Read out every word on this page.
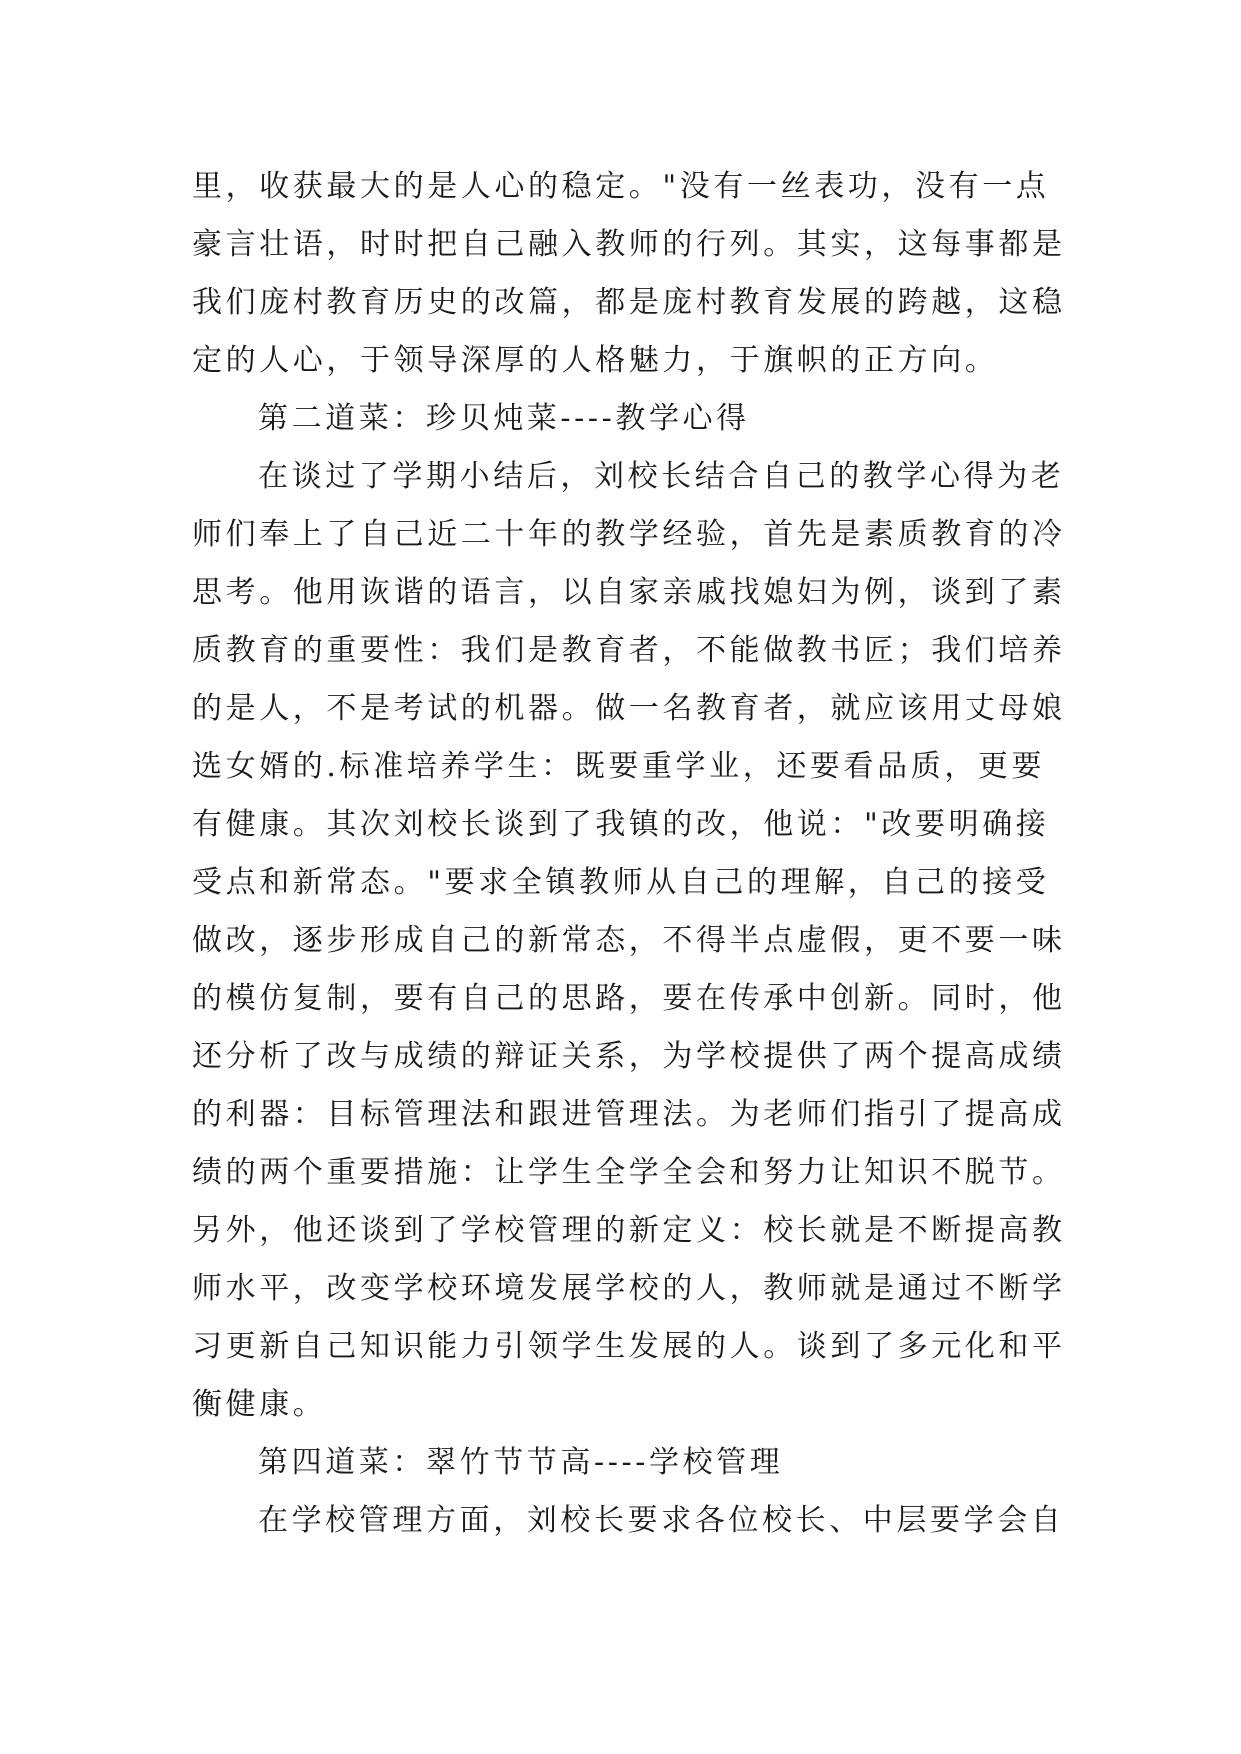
里，收获最大的是人心的稳定。"没有一丝表功，没有一点
豪言壮语，时时把自己融入教师的行列。其实，这每事都是
我们庞村教育历史的改篇，都是庞村教育发展的跨越，这稳
定的人心，于领导深厚的人格魅力，于旗帜的正方向。
第二道菜：珍贝炖菜----教学心得
在谈过了学期小结后，刘校长结合自己的教学心得为老
师们奉上了自己近二十年的教学经验，首先是素质教育的冷
思考。他用诙谐的语言，以自家亲戚找媳妇为例，谈到了素
质教育的重要性：我们是教育者，不能做教书匠；我们培养
的是人，不是考试的机器。做一名教育者，就应该用丈母娘
选女婿的.标准培养学生：既要重学业，还要看品质，更要
有健康。其次刘校长谈到了我镇的改，他说："改要明确接
受点和新常态。"要求全镇教师从自己的理解，自己的接受
做改，逐步形成自己的新常态，不得半点虚假，更不要一味
的模仿复制，要有自己的思路，要在传承中创新。同时，他
还分析了改与成绩的辩证关系，为学校提供了两个提高成绩
的利器：目标管理法和跟进管理法。为老师们指引了提高成
绩的两个重要措施：让学生全学全会和努力让知识不脱节。
另外，他还谈到了学校管理的新定义：校长就是不断提高教
师水平，改变学校环境发展学校的人，教师就是通过不断学
习更新自己知识能力引领学生发展的人。谈到了多元化和平
衡健康。
第四道菜：翠竹节节高----学校管理
在学校管理方面，刘校长要求各位校长、中层要学会自
